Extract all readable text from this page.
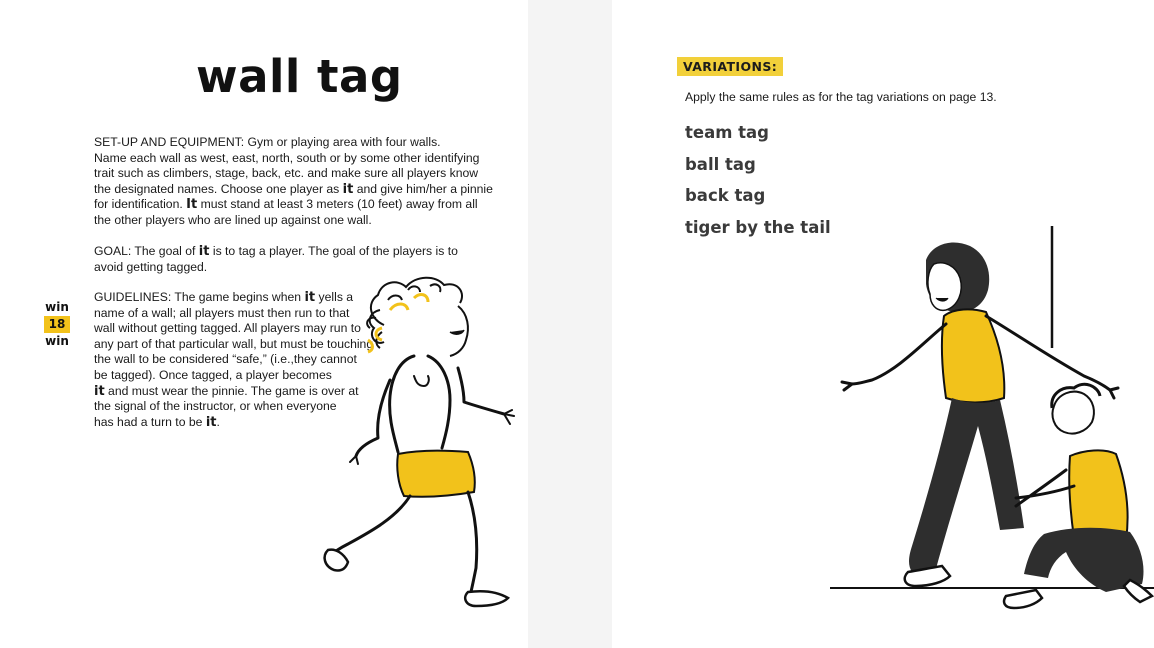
wall tag
SET-UP AND EQUIPMENT: Gym or playing area with four walls.
Name each wall as west, east, north, south or by some other identifying
trait such as climbers, stage, back, etc. and make sure all players know
the designated names. Choose one player as it and give him/her a pinnie
for identification. It must stand at least 3 meters (10 feet) away from all
the other players who are lined up against one wall.
GOAL: The goal of it is to tag a player. The goal of the players is to
avoid getting tagged.
GUIDELINES: The game begins when it yells a
name of a wall; all players must then run to that
wall without getting tagged. All players may run to
any part of that particular wall, but must be touching
the wall to be considered “safe,” (i.e.,they cannot
be tagged). Once tagged, a player becomes
it and must wear the pinnie. The game is over at
the signal of the instructor, or when everyone
has had a turn to be it.
win
18
win
VARIATIONS:
Apply the same rules as for the tag variations on page 13.
team tag
ball tag
back tag
tiger by the tail
